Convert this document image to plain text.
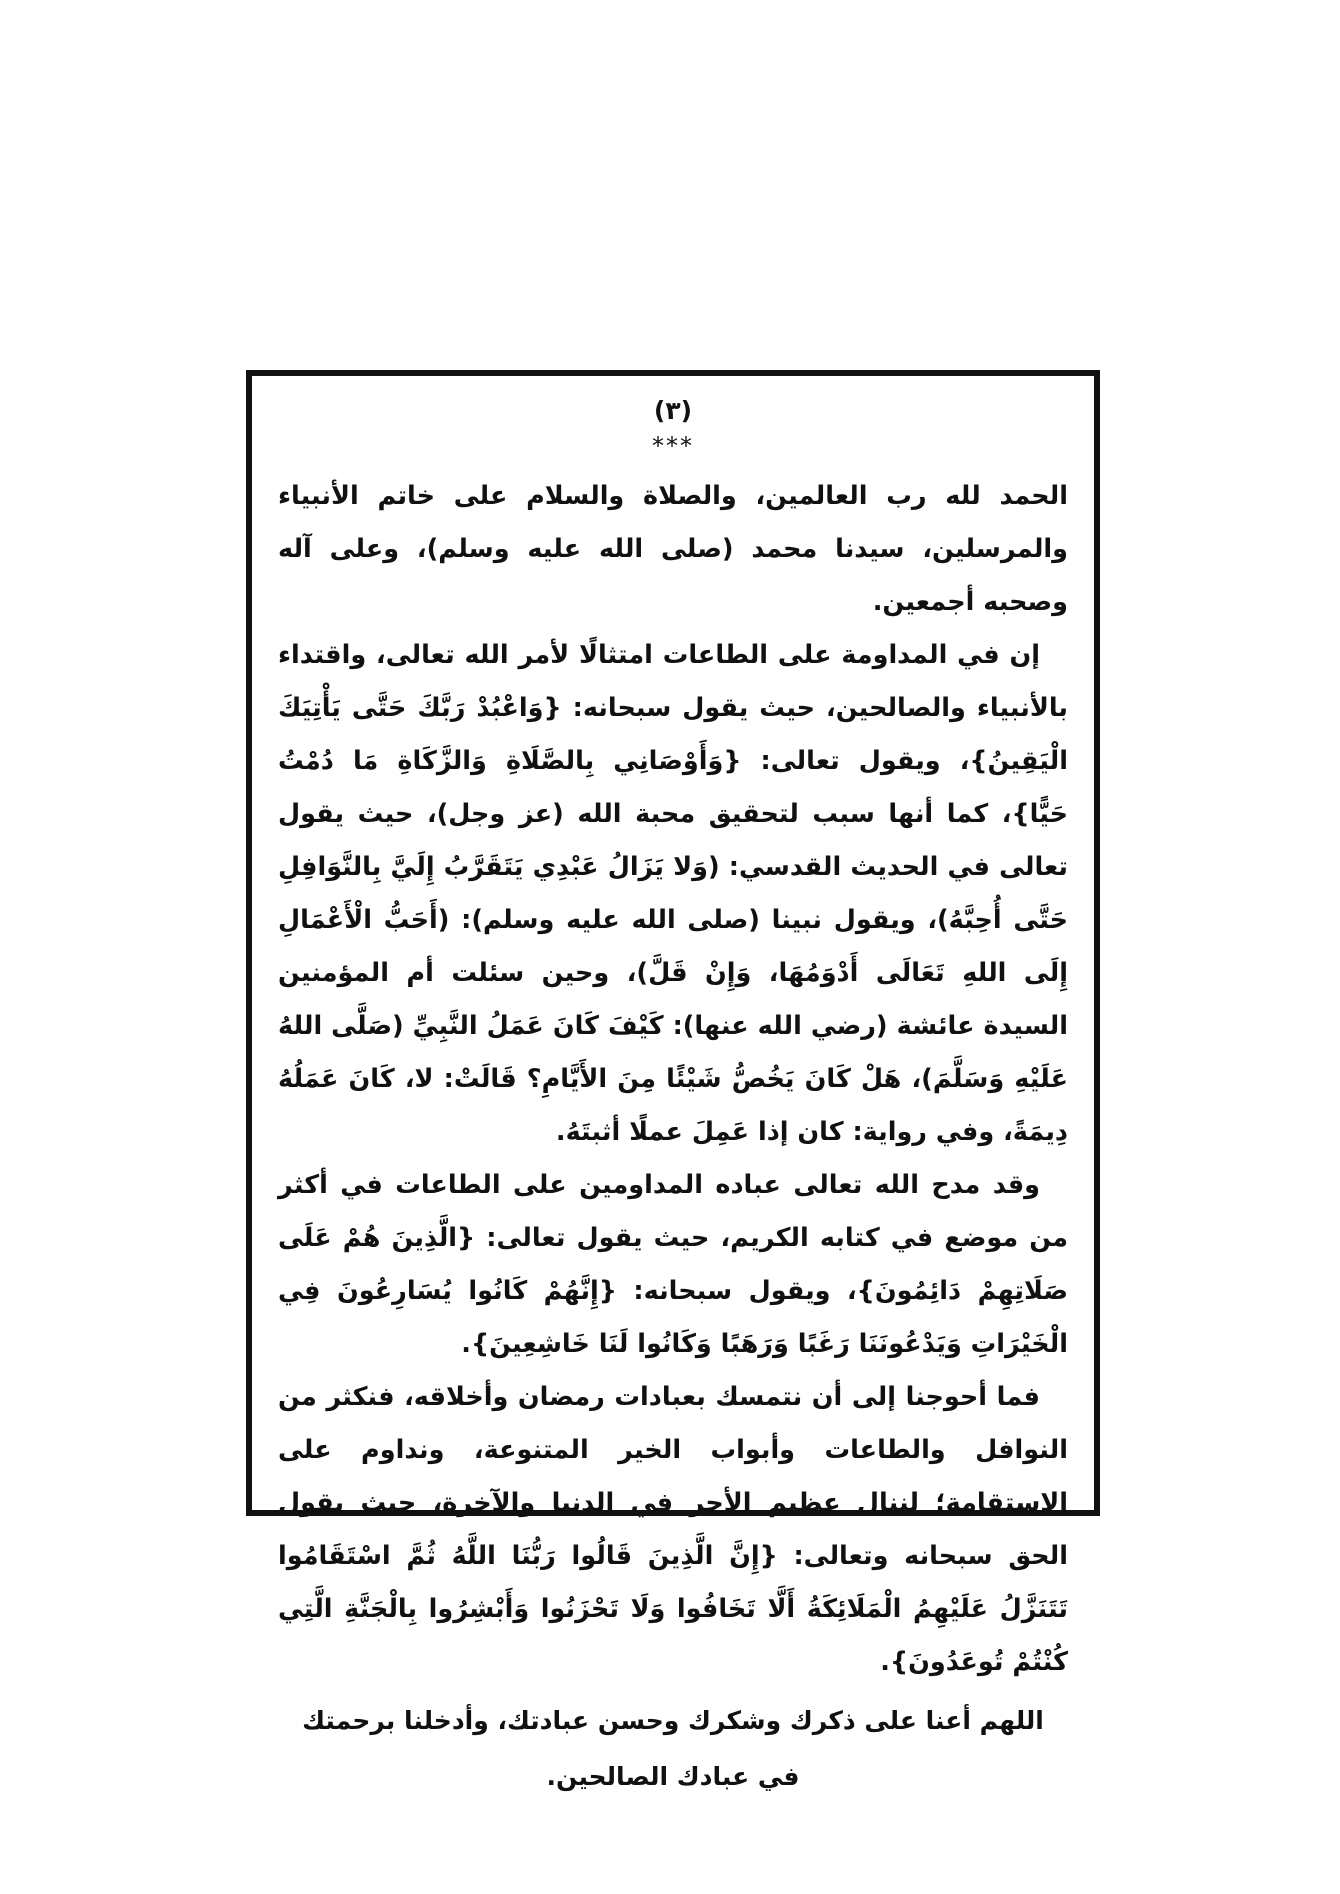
(٣)
***

الحمد لله رب العالمين، والصلاة والسلام على خاتم الأنبياء والمرسلين، سيدنا محمد (صلى الله عليه وسلم)، وعلى آله وصحبه أجمعين.

إن في المداومة على الطاعات امتثالًا لأمر الله تعالى، واقتداء بالأنبياء والصالحين، حيث يقول سبحانه: {وَاعْبُدْ رَبَّكَ حَتَّى يَأْتِيَكَ الْيَقِينُ}، ويقول تعالى: {وَأَوْصَانِي بِالصَّلَاةِ وَالزَّكَاةِ مَا دُمْتُ حَيًّا}، كما أنها سبب لتحقيق محبة الله (عز وجل)، حيث يقول تعالى في الحديث القدسي: (وَلا يَزَالُ عَبْدِي يَتَقَرَّبُ إِلَيَّ بِالنَّوَافِلِ حَتَّى أُحِبَّهُ)، ويقول نبينا (صلى الله عليه وسلم): (أَحَبُّ الْأَعْمَالِ إِلَى اللهِ تَعَالَى أَدْوَمُهَا، وَإِنْ قَلَّ)، وحين سئلت أم المؤمنين السيدة عائشة (رضي الله عنها): كَيْفَ كَانَ عَمَلُ النَّبِيِّ (صَلَّى اللهُ عَلَيْهِ وَسَلَّمَ)، هَلْ كَانَ يَخُصُّ شَيْئًا مِنَ الأَيَّامِ؟ قَالَتْ: لا، كَانَ عَمَلُهُ دِيمَةً، وفي رواية: كان إذا عَمِلَ عملًا أثبتَهُ.

وقد مدح الله تعالى عباده المداومين على الطاعات في أكثر من موضع في كتابه الكريم، حيث يقول تعالى: {الَّذِينَ هُمْ عَلَى صَلَاتِهِمْ دَائِمُونَ}، ويقول سبحانه: {إِنَّهُمْ كَانُوا يُسَارِعُونَ فِي الْخَيْرَاتِ وَيَدْعُونَنَا رَغَبًا وَرَهَبًا وَكَانُوا لَنَا خَاشِعِينَ}.

فما أحوجنا إلى أن نتمسك بعبادات رمضان وأخلاقه، فنكثر من النوافل والطاعات وأبواب الخير المتنوعة، ونداوم على الاستقامة؛ لننال عظيم الأجر في الدنيا والآخرة، حيث يقول الحق سبحانه وتعالى: {إِنَّ الَّذِينَ قَالُوا رَبُّنَا اللَّهُ ثُمَّ اسْتَقَامُوا تَتَنَزَّلُ عَلَيْهِمُ الْمَلَائِكَةُ أَلَّا تَخَافُوا وَلَا تَحْزَنُوا وَأَبْشِرُوا بِالْجَنَّةِ الَّتِي كُنْتُمْ تُوعَدُونَ}.

اللهم أعنا على ذكرك وشكرك وحسن عبادتك، وأدخلنا برحمتك في عبادك الصالحين.
